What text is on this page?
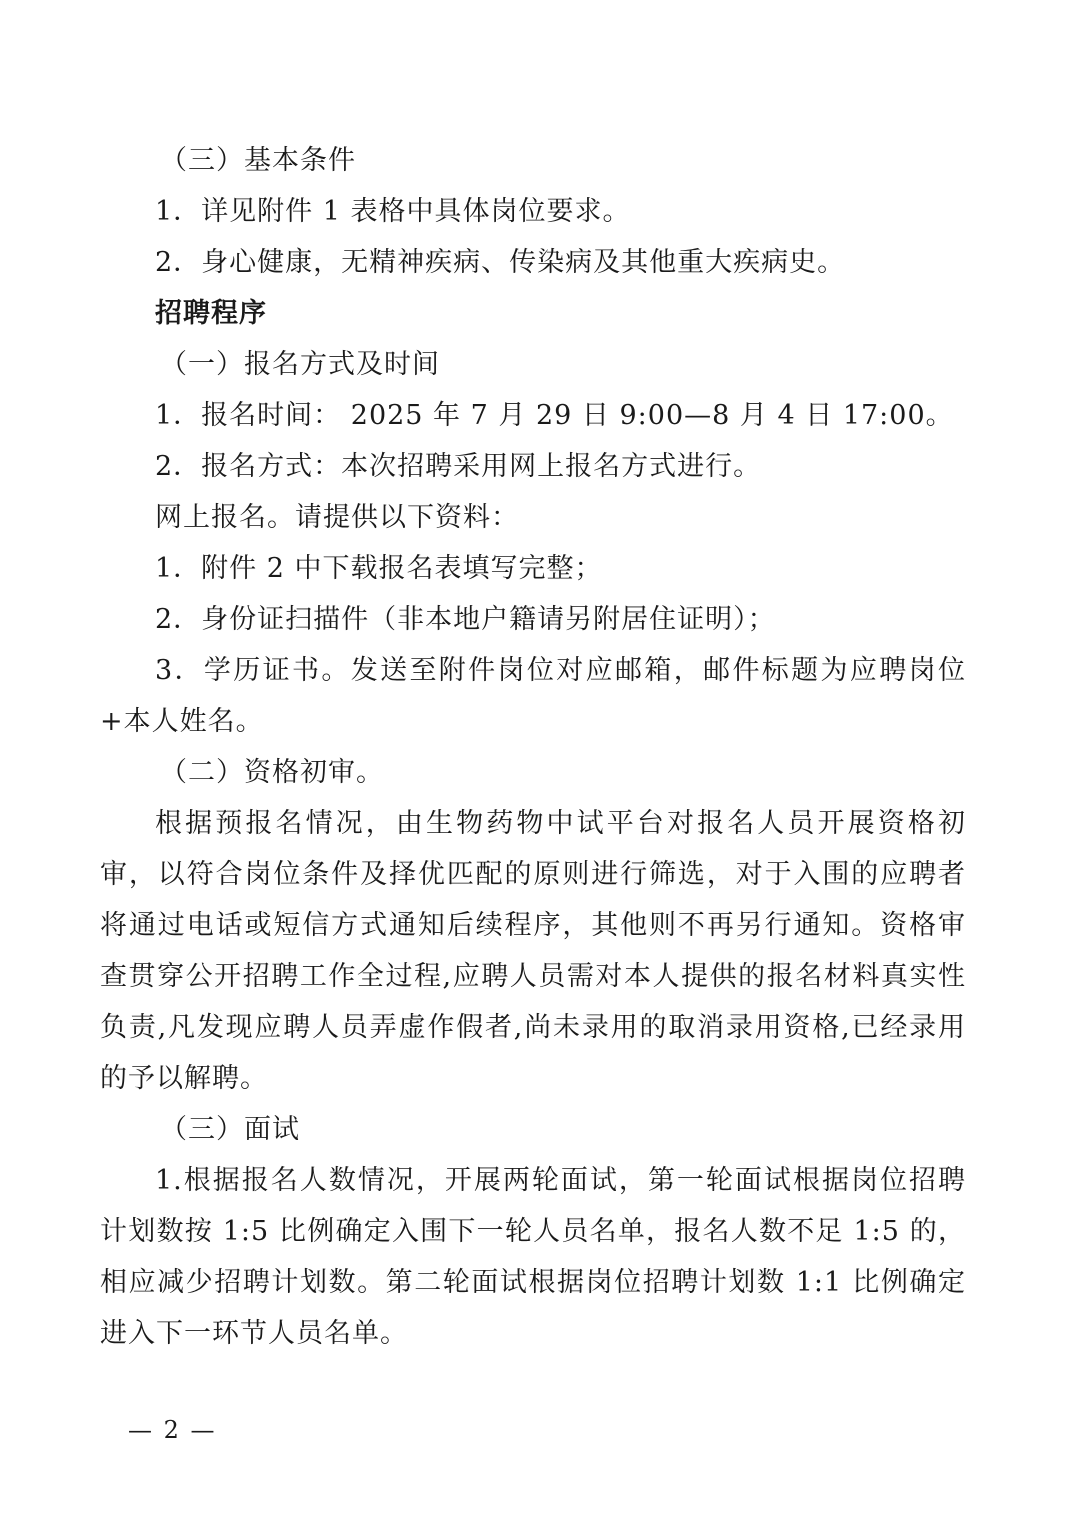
（三）基本条件
1．详见附件 1 表格中具体岗位要求。
2．身心健康，无精神疾病、传染病及其他重大疾病史。
招聘程序
（一）报名方式及时间
1．报名时间： 2025 年 7 月 29 日 9:00—8 月 4 日 17:00。
2．报名方式：本次招聘采用网上报名方式进行。
网上报名。请提供以下资料：
1．附件 2 中下载报名表填写完整；
2．身份证扫描件（非本地户籍请另附居住证明）；

3．学历证书。发送至附件岗位对应邮箱，邮件标题为应聘岗位+本人姓名。

（二）资格初审。

根据预报名情况，由生物药物中试平台对报名人员开展资格初审，以符合岗位条件及择优匹配的原则进行筛选，对于入围的应聘者将通过电话或短信方式通知后续程序，其他则不再另行通知。资格审查贯穿公开招聘工作全过程,应聘人员需对本人提供的报名材料真实性负责,凡发现应聘人员弄虚作假者,尚未录用的取消录用资格,已经录用的予以解聘。

（三）面试

1.根据报名人数情况，开展两轮面试，第一轮面试根据岗位招聘计划数按 1:5 比例确定入围下一轮人员名单，报名人数不足 1:5 的，相应减少招聘计划数。第二轮面试根据岗位招聘计划数 1:1 比例确定进入下一环节人员名单。

— 2 —
